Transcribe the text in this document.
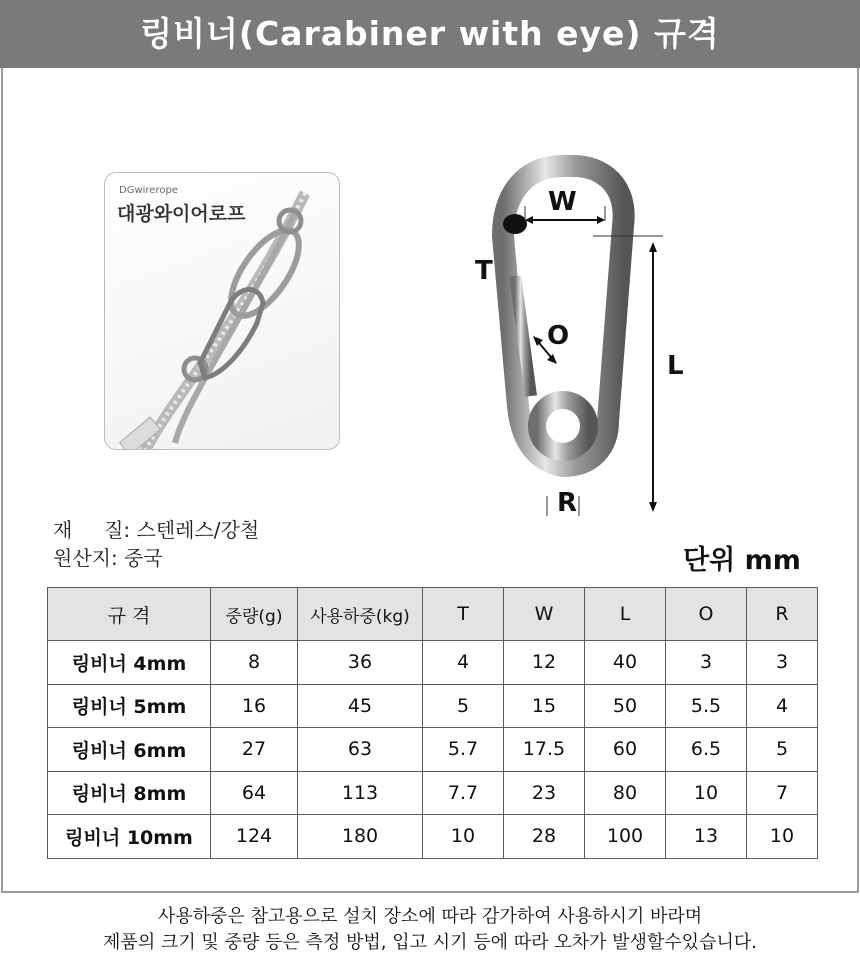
링비너(Carabiner with eye) 규격
DGwirerope
대광와이어로프	W
T
O
L
R
재     질: 스텐레스/강철
원산지: 중국	단위 mm
규 격	중량(g)	사용하중(kg)	T	W	L	O	R
링비너 4mm	8	36	4	12	40	3	3
링비너 5mm	16	45	5	15	50	5.5	4
링비너 6mm	27	63	5.7	17.5	60	6.5	5
링비너 8mm	64	113	7.7	23	80	10	7
링비너 10mm	124	180	10	28	100	13	10
사용하중은 참고용으로 설치 장소에 따라 감가하여 사용하시기 바라며
제품의 크기 및 중량 등은 측정 방법, 입고 시기 등에 따라 오차가 발생할수있습니다.
